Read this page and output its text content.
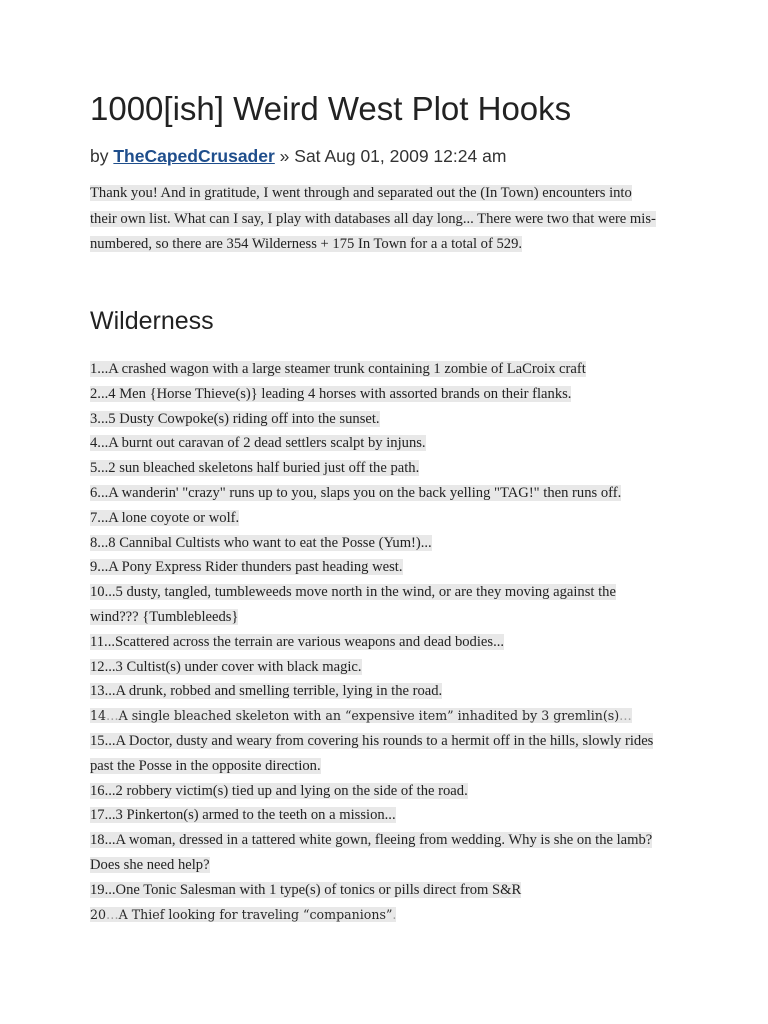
1000[ish] Weird West Plot Hooks
by TheCapedCrusader » Sat Aug 01, 2009 12:24 am

Thank you! And in gratitude, I went through and separated out the (In Town) encounters into
their own list. What can I say, I play with databases all day long... There were two that were mis-
numbered, so there are 354 Wilderness + 175 In Town for a a total of 529.

Wilderness
1...A crashed wagon with a large steamer trunk containing 1 zombie of LaCroix craft
2...4 Men {Horse Thieve(s)} leading 4 horses with assorted brands on their flanks.
3...5 Dusty Cowpoke(s) riding off into the sunset.
4...A burnt out caravan of 2 dead settlers scalpt by injuns.
5...2 sun bleached skeletons half buried just off the path.
6...A wanderin' "crazy" runs up to you, slaps you on the back yelling "TAG!" then runs off.
7...A lone coyote or wolf.
8...8 Cannibal Cultists who want to eat the Posse (Yum!)...
9...A Pony Express Rider thunders past heading west.
10...5 dusty, tangled, tumbleweeds move north in the wind, or are they moving against the
wind??? {Tumblebleeds}
11...Scattered across the terrain are various weapons and dead bodies...
12...3 Cultist(s) under cover with black magic.
13...A drunk, robbed and smelling terrible, lying in the road.
14…A single bleached skeleton with an “expensive item” inhadited by 3 gremlin(s)…
15...A Doctor, dusty and weary from covering his rounds to a hermit off in the hills, slowly rides
past the Posse in the opposite direction.
16...2 robbery victim(s) tied up and lying on the side of the road.
17...3 Pinkerton(s) armed to the teeth on a mission...
18...A woman, dressed in a tattered white gown, fleeing from wedding. Why is she on the lamb?
Does she need help?
19...One Tonic Salesman with 1 type(s) of tonics or pills direct from S&R
20…A Thief looking for traveling “companions”.
